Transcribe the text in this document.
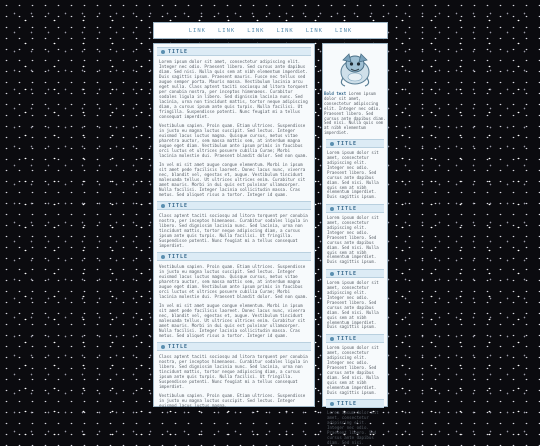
LINK LINK LINK LINK LINK LINK
TITLE

Lorem ipsum dolor sit amet, consectetur adipiscing elit. Integer nec odio. Praesent libero. Sed cursus ante dapibus diam. Sed nisi. Nulla quis sem at nibh elementum imperdiet. Duis sagittis ipsum. Praesent mauris. Fusce nec tellus sed augue semper porta. Mauris massa. Vestibulum lacinia arcu eget nulla. Class aptent taciti sociosqu ad litora torquent per conubia nostra, per inceptos himenaeos. Curabitur sodales ligula in libero. Sed dignissim lacinia nunc. Sed lacinia, urna non tincidunt mattis, tortor neque adipiscing diam, a cursus ipsum ante quis turpis. Nulla facilisi. Ut fringilla. Suspendisse potenti. Nunc feugiat mi a tellus consequat imperdiet.

Vestibulum sapien. Proin quam. Etiam ultrices. Suspendisse in justo eu magna luctus suscipit. Sed lectus. Integer euismod lacus luctus magna. Quisque cursus, metus vitae pharetra auctor, sem massa mattis sem, at interdum magna augue eget diam. Vestibulum ante ipsum primis in faucibus orci luctus et ultrices posuere cubilia Curae; Morbi lacinia molestie dui. Praesent blandit dolor. Sed non quam.

In vel mi sit amet augue congue elementum. Morbi in ipsum sit amet pede facilisis laoreet. Donec lacus nunc, viverra nec, blandit vel, egestas et, augue. Vestibulum tincidunt malesuada tellus. Ut ultrices ultrices enim. Curabitur sit amet mauris. Morbi in dui quis est pulvinar ullamcorper. Nulla facilisi. Integer lacinia sollicitudin massa. Cras metus. Sed aliquet risus a tortor. Integer id quam.

TITLE

Class aptent taciti sociosqu ad litora torquent per conubia nostra, per inceptos himenaeos. Curabitur sodales ligula in libero. Sed dignissim lacinia nunc. Sed lacinia, urna non tincidunt mattis, tortor neque adipiscing diam, a cursus ipsum ante quis turpis. Nulla facilisi. Ut fringilla. Suspendisse potenti. Nunc feugiat mi a tellus consequat imperdiet.

TITLE

Vestibulum sapien. Proin quam. Etiam ultrices. Suspendisse in justo eu magna luctus suscipit. Sed lectus. Integer euismod lacus luctus magna. Quisque cursus, metus vitae pharetra auctor, sem massa mattis sem, at interdum magna augue eget diam. Vestibulum ante ipsum primis in faucibus orci luctus et ultrices posuere cubilia Curae; Morbi lacinia molestie dui. Praesent blandit dolor. Sed non quam.

In vel mi sit amet augue congue elementum. Morbi in ipsum sit amet pede facilisis laoreet. Donec lacus nunc, viverra nec, blandit vel, egestas et, augue. Vestibulum tincidunt malesuada tellus. Ut ultrices ultrices enim. Curabitur sit amet mauris. Morbi in dui quis est pulvinar ullamcorper. Nulla facilisi. Integer lacinia sollicitudin massa. Cras metus. Sed aliquet risus a tortor. Integer id quam.

TITLE

Class aptent taciti sociosqu ad litora torquent per conubia nostra, per inceptos himenaeos. Curabitur sodales ligula in libero. Sed dignissim lacinia nunc. Sed lacinia, urna non tincidunt mattis, tortor neque adipiscing diam, a cursus ipsum ante quis turpis. Nulla facilisi. Ut fringilla. Suspendisse potenti. Nunc feugiat mi a tellus consequat imperdiet.

Vestibulum sapien. Proin quam. Etiam ultrices. Suspendisse in justo eu magna luctus suscipit. Sed lectus. Integer euismod lacus luctus magna.

Bold text Lorem ipsum dolor sit amet, consectetur adipiscing elit. Integer nec odio. Praesent libero. Sed cursus ante dapibus diam. Sed nisi. Nulla quis sem at nibh elementum imperdiet.

TITLE

Lorem ipsum dolor sit amet, consectetur adipiscing elit. Integer nec odio. Praesent libero. Sed cursus ante dapibus diam. Sed nisi. Nulla quis sem at nibh elementum imperdiet. Duis sagittis ipsum.

TITLE

Lorem ipsum dolor sit amet, consectetur adipiscing elit. Integer nec odio. Praesent libero. Sed cursus ante dapibus diam. Sed nisi. Nulla quis sem at nibh elementum imperdiet. Duis sagittis ipsum.

TITLE

Lorem ipsum dolor sit amet, consectetur adipiscing elit. Integer nec odio. Praesent libero. Sed cursus ante dapibus diam. Sed nisi. Nulla quis sem at nibh elementum imperdiet. Duis sagittis ipsum.

TITLE

Lorem ipsum dolor sit amet, consectetur adipiscing elit. Integer nec odio. Praesent libero. Sed cursus ante dapibus diam. Sed nisi. Nulla quis sem at nibh elementum imperdiet. Duis sagittis ipsum.

TITLE

Lorem ipsum dolor sit amet, consectetur adipiscing elit. Integer nec odio. Praesent libero. Sed cursus ante dapibus diam. Sed nisi.
